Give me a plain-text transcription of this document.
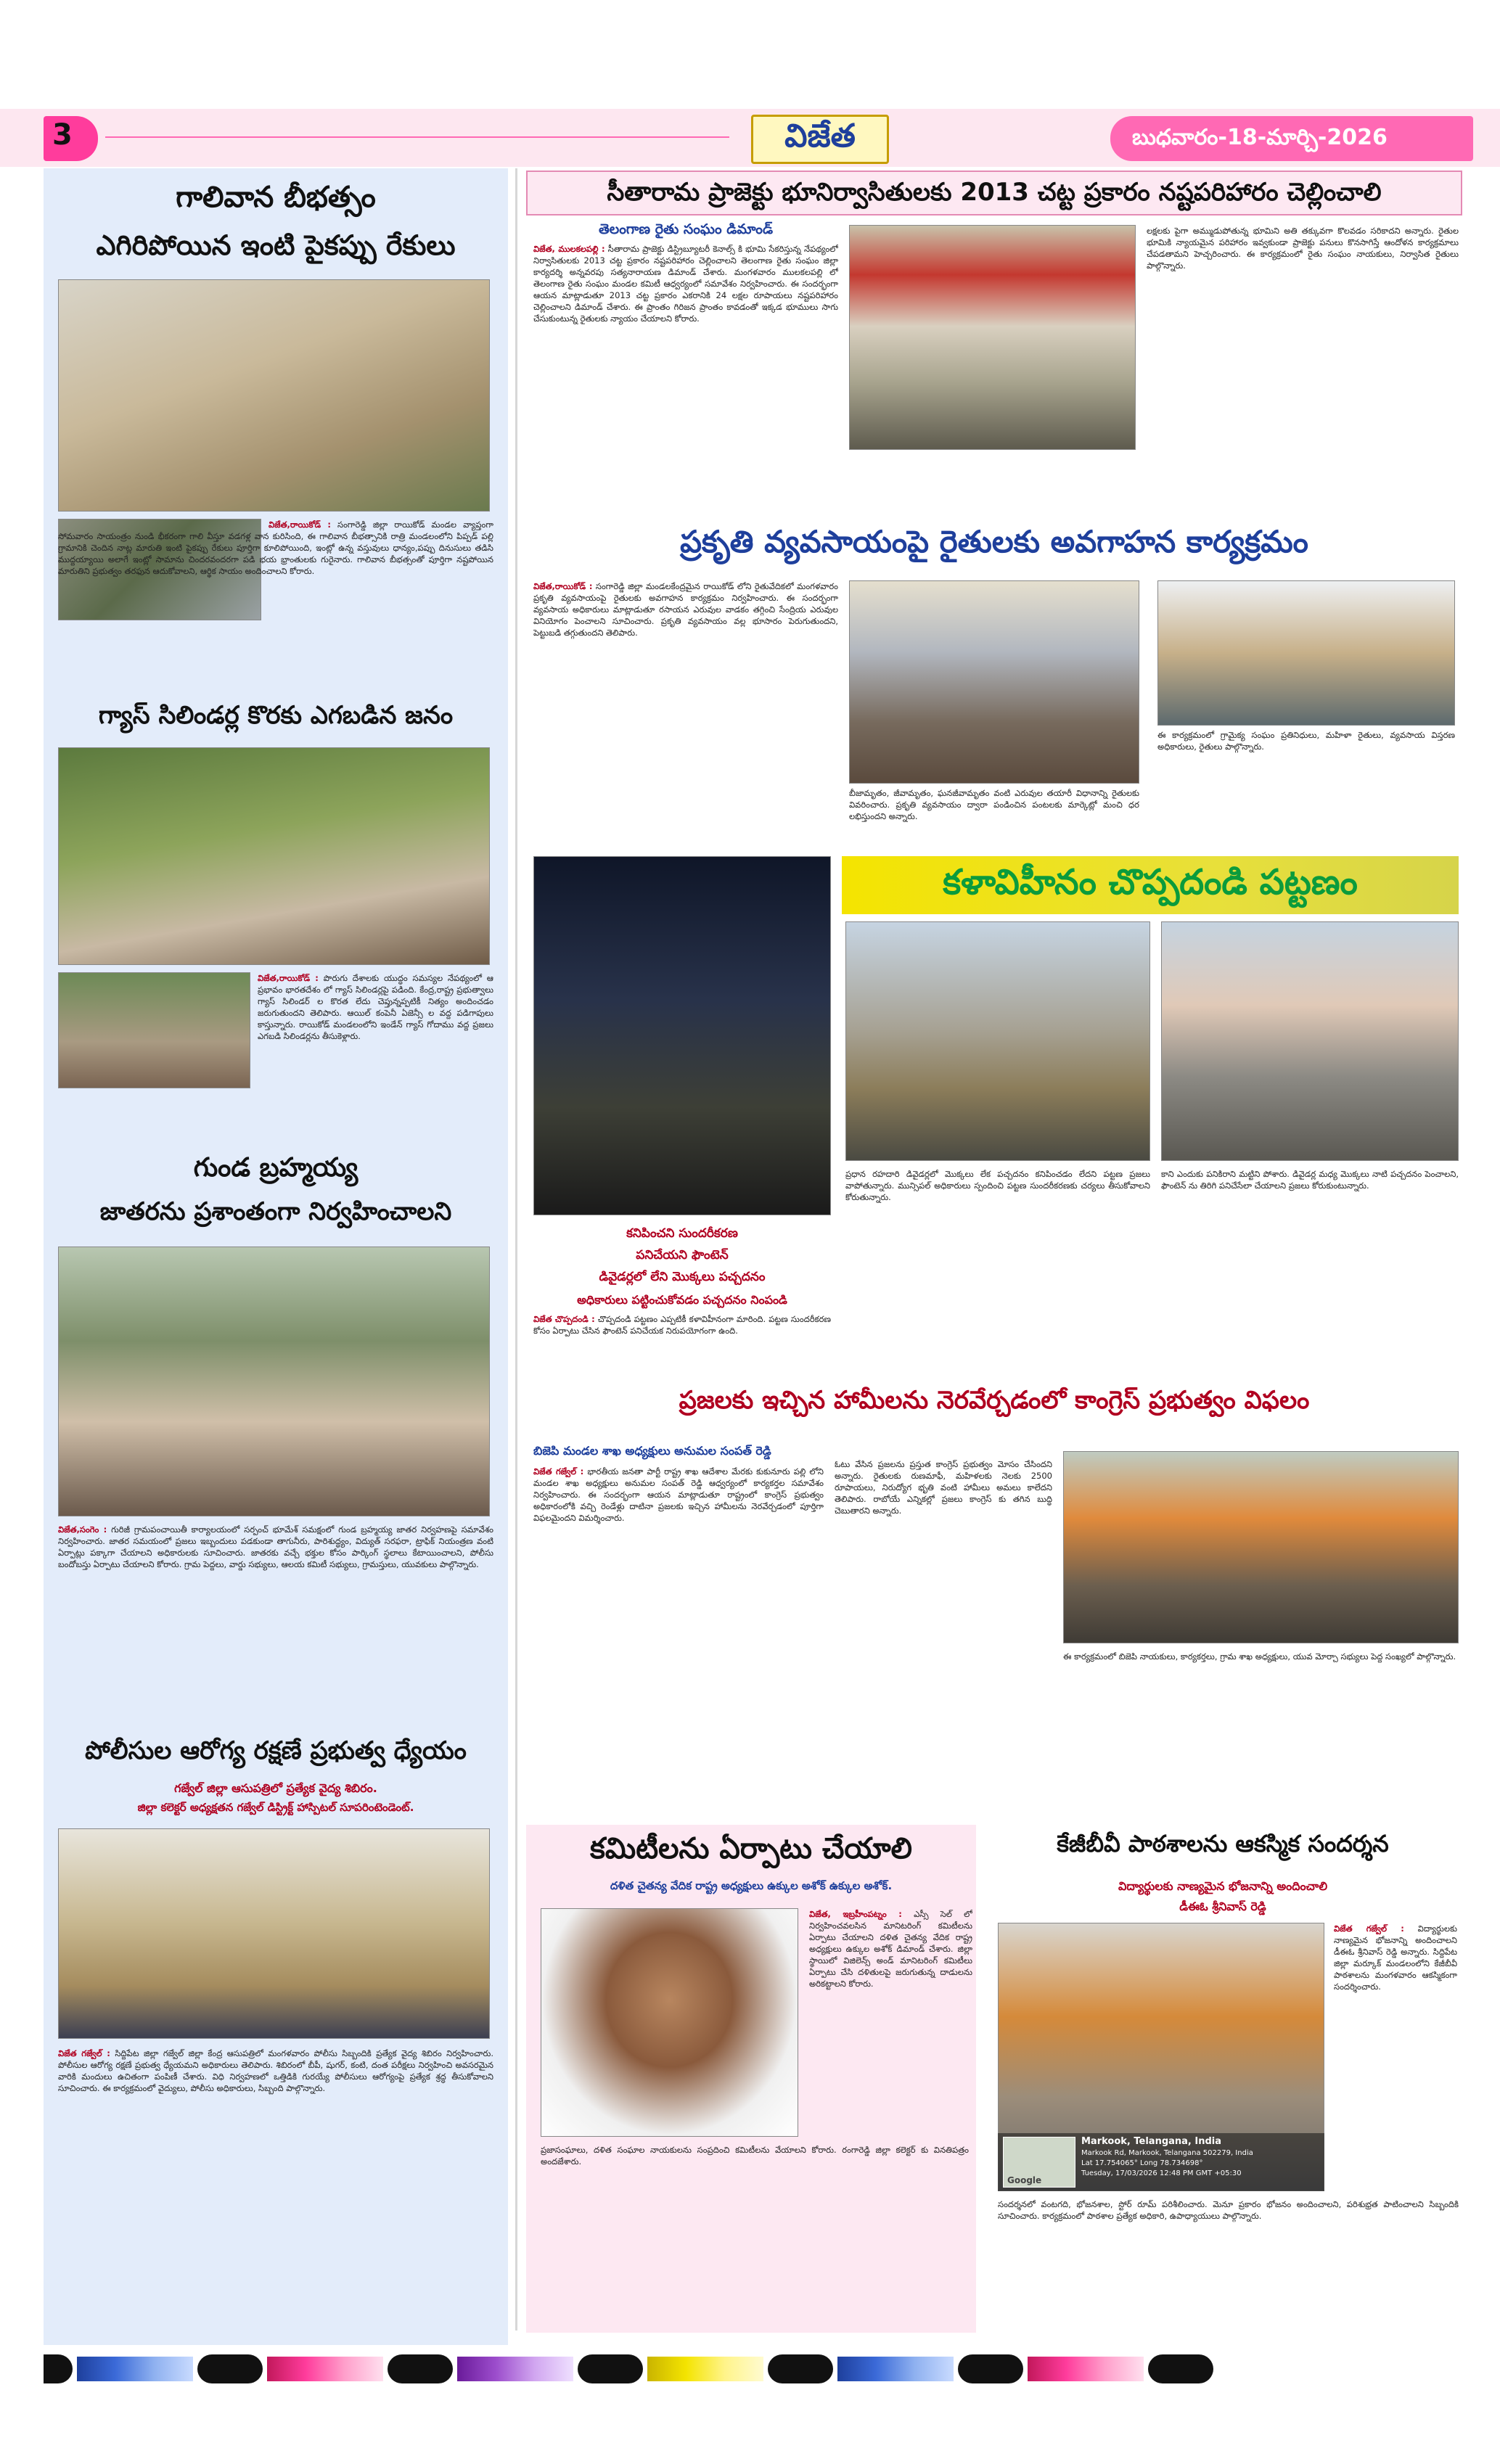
3	విజేత	బుధవారం-18-మార్చి-2026
గాలివాన బీభత్సం
ఎగిరిపోయిన ఇంటి పైకప్పు రేకులు
విజేత,రాయికోడ్ : సంగారెడ్డి జిల్లా రాయికోడ్ మండల వ్యాప్తంగా సోమవారం సాయంత్రం నుండి భీకరంగా గాలి వీస్తూ వడగళ్ల వాన కురిసింది, ఈ గాలివాన బీభత్సానికి రాత్రి మండలంలోని పిప్పడ్ పల్లి గ్రామానికి చెందిన నాట్ల మారుతి ఇంటి పైకప్పు రేకులు పూర్తిగా కూలిపోయింది, ఇంట్లో ఉన్న వస్తువులు ధాన్యం,పప్పు దినుసులు తడిసి ముద్దయ్యాయి అలాగే ఇంట్లో సామాను చిందరవందరగా పడి భయ భ్రాంతులకు గురైనారు. గాలివాన బీభత్సంతో పూర్తిగా నష్టపోయిన మారుతిని ప్రభుత్వం తరఫున ఆదుకోవాలని, ఆర్థిక సాయం అందించాలని కోరారు.
గ్యాస్ సిలిండర్ల కొరకు ఎగబడిన జనం
విజేత,రాయికోడ్ : పొరుగు దేశాలకు యుద్ధం సమస్యల నేపథ్యంలో ఆ ప్రభావం భారతదేశం లో గ్యాస్ సిలిండర్లపై పడింది. కేంద్ర,రాష్ట్ర ప్రభుత్వాలు గ్యాస్ సిలిండర్ ల కొరత లేదు చెప్తున్నప్పటికీ నిత్యం అందించడం జరుగుతుందని తెలిపారు. ఆయిల్ కంపెనీ ఏజెన్సీ ల వద్ద పడిగాపులు కాస్తున్నారు. రాయికోడ్ మండలంలోని ఇండేన్ గ్యాస్ గోదాము వద్ద ప్రజలు ఎగబడి సిలిండర్లను తీసుకెళ్లారు.
గుండ బ్రహ్మయ్య
జాతరను ప్రశాంతంగా నిర్వహించాలని
విజేత,సంగెం : గురిజీ గ్రామపంచాయితీ కార్యాలయంలో సర్పంచ్ భూమేశ్ సమక్షంలో గుండ బ్రహ్మయ్య జాతర నిర్వహణపై సమావేశం నిర్వహించారు. జాతర సమయంలో ప్రజలు ఇబ్బందులు పడకుండా తాగునీరు, పారిశుద్ధ్యం, విద్యుత్ సరఫరా, ట్రాఫిక్ నియంత్రణ వంటి ఏర్పాట్లు పక్కాగా చేయాలని అధికారులకు సూచించారు. జాతరకు వచ్చే భక్తుల కోసం పార్కింగ్ స్థలాలు కేటాయించాలని, పోలీసు బందోబస్తు ఏర్పాటు చేయాలని కోరారు. గ్రామ పెద్దలు, వార్డు సభ్యులు, ఆలయ కమిటీ సభ్యులు, గ్రామస్తులు, యువకులు పాల్గొన్నారు.
పోలీసుల ఆరోగ్య రక్షణే ప్రభుత్వ ధ్యేయం
గజ్వేల్ జిల్లా ఆసుపత్రిలో ప్రత్యేక వైద్య శిబిరం.
జిల్లా కలెక్టర్ అధ్యక్షతన గజ్వేల్ డిస్ట్రిక్ట్ హాస్పిటల్ సూపరింటెండెంట్.
విజేత గజ్వేల్ : సిద్దిపేట జిల్లా గజ్వేల్ జిల్లా కేంద్ర ఆసుపత్రిలో మంగళవారం పోలీసు సిబ్బందికి ప్రత్యేక వైద్య శిబిరం నిర్వహించారు. పోలీసుల ఆరోగ్య రక్షణే ప్రభుత్వ ధ్యేయమని అధికారులు తెలిపారు. శిబిరంలో బీపీ, షుగర్, కంటి, దంత పరీక్షలు నిర్వహించి అవసరమైన వారికి మందులు ఉచితంగా పంపిణీ చేశారు. విధి నిర్వహణలో ఒత్తిడికి గురయ్యే పోలీసులు ఆరోగ్యంపై ప్రత్యేక శ్రద్ధ తీసుకోవాలని సూచించారు. ఈ కార్యక్రమంలో వైద్యులు, పోలీసు అధికారులు, సిబ్బంది పాల్గొన్నారు.
సీతారామ ప్రాజెక్టు భూనిర్వాసితులకు 2013 చట్ట ప్రకారం నష్టపరిహారం చెల్లించాలి
తెలంగాణ రైతు సంఘం డిమాండ్
విజేత, ములకలపల్లి : సీతారామ ప్రాజెక్టు డిస్ట్రిబ్యూటరీ కెనాల్స్ కి భూమి సేకరిస్తున్న నేపథ్యంలో నిర్వాసితులకు 2013 చట్ట ప్రకారం నష్టపరిహారం చెల్లించాలని తెలంగాణ రైతు సంఘం జిల్లా కార్యదర్శి అన్నవరపు సత్యనారాయణ డిమాండ్ చేశారు. మంగళవారం ములకలపల్లి లో తెలంగాణ రైతు సంఘం మండల కమిటీ ఆధ్వర్యంలో సమావేశం నిర్వహించారు. ఈ సందర్భంగా ఆయన మాట్లాడుతూ 2013 చట్ట ప్రకారం ఎకరానికి 24 లక్షల రూపాయలు నష్టపరిహారం చెల్లించాలని డిమాండ్ చేశారు. ఈ ప్రాంతం గిరిజన ప్రాంతం కావడంతో ఇక్కడ భూములు సాగు చేసుకుంటున్న రైతులకు న్యాయం చేయాలని కోరారు.
లక్షలకు పైగా అమ్ముడుపోతున్న భూమిని అతి తక్కువగా కొలవడం సరికాదని అన్నారు. రైతుల భూమికి న్యాయమైన పరిహారం ఇవ్వకుండా ప్రాజెక్టు పనులు కొనసాగిస్తే ఆందోళన కార్యక్రమాలు చేపడతామని హెచ్చరించారు. ఈ కార్యక్రమంలో రైతు సంఘం నాయకులు, నిర్వాసిత రైతులు పాల్గొన్నారు.
ప్రకృతి వ్యవసాయంపై రైతులకు అవగాహన కార్యక్రమం
విజేత,రాయికోడ్ : సంగారెడ్డి జిల్లా మండలకేంద్రమైన రాయికోడ్ లోని రైతువేదికలో మంగళవారం ప్రకృతి వ్యవసాయంపై రైతులకు అవగాహన కార్యక్రమం నిర్వహించారు. ఈ సందర్భంగా వ్యవసాయ అధికారులు మాట్లాడుతూ రసాయన ఎరువుల వాడకం తగ్గించి సేంద్రియ ఎరువుల వినియోగం పెంచాలని సూచించారు. ప్రకృతి వ్యవసాయం వల్ల భూసారం పెరుగుతుందని, పెట్టుబడి తగ్గుతుందని తెలిపారు.
బీజామృతం, జీవామృతం, ఘనజీవామృతం వంటి ఎరువుల తయారీ విధానాన్ని రైతులకు వివరించారు. ప్రకృతి వ్యవసాయం ద్వారా పండించిన పంటలకు మార్కెట్లో మంచి ధర లభిస్తుందని అన్నారు.
ఈ కార్యక్రమంలో గ్రామైక్య సంఘం ప్రతినిధులు, మహిళా రైతులు, వ్యవసాయ విస్తరణ అధికారులు, రైతులు పాల్గొన్నారు.
కళావిహీనం చొప్పదండి పట్టణం
కనిపించని సుందరీకరణ
పనిచేయని ఫౌంటెన్
డివైడర్లలో లేని మొక్కలు పచ్చదనం
అధికారులు పట్టించుకోవడం పచ్చదనం నింపండి
విజేత చొప్పదండి : చొప్పదండి పట్టణం ఎప్పటికీ కళావిహీనంగా మారింది. పట్టణ సుందరీకరణ కోసం ఏర్పాటు చేసిన ఫౌంటెన్ పనిచేయక నిరుపయోగంగా ఉంది.
ప్రధాన రహదారి డివైడర్లలో మొక్కలు లేక పచ్చదనం కనిపించడం లేదని పట్టణ ప్రజలు వాపోతున్నారు. మున్సిపల్ అధికారులు స్పందించి పట్టణ సుందరీకరణకు చర్యలు తీసుకోవాలని కోరుతున్నారు.
కాని ఎందుకు పనికిరాని మట్టిని పోశారు. డివైడర్ల మధ్య మొక్కలు నాటి పచ్చదనం పెంచాలని, ఫౌంటెన్ ను తిరిగి పనిచేసేలా చేయాలని ప్రజలు కోరుకుంటున్నారు.
ప్రజలకు ఇచ్చిన హామీలను నెరవేర్చడంలో కాంగ్రెస్ ప్రభుత్వం విఫలం
బిజెపి మండల శాఖ అధ్యక్షులు అనుమల సంపత్ రెడ్డి
విజేత గజ్వేల్ : భారతీయ జనతా పార్టీ రాష్ట్ర శాఖ ఆదేశాల మేరకు కుకునూరు పల్లి లోని మండల శాఖ అధ్యక్షులు అనుమల సంపత్ రెడ్డి ఆధ్వర్యంలో కార్యకర్తల సమావేశం నిర్వహించారు. ఈ సందర్భంగా ఆయన మాట్లాడుతూ రాష్ట్రంలో కాంగ్రెస్ ప్రభుత్వం అధికారంలోకి వచ్చి రెండేళ్లు దాటినా ప్రజలకు ఇచ్చిన హామీలను నెరవేర్చడంలో పూర్తిగా విఫలమైందని విమర్శించారు.
ఓటు వేసిన ప్రజలను ప్రస్తుత కాంగ్రెస్ ప్రభుత్వం మోసం చేసిందని అన్నారు. రైతులకు రుణమాఫీ, మహిళలకు నెలకు 2500 రూపాయలు, నిరుద్యోగ భృతి వంటి హామీలు అమలు కాలేదని తెలిపారు. రాబోయే ఎన్నికల్లో ప్రజలు కాంగ్రెస్ కు తగిన బుద్ధి చెబుతారని అన్నారు.
ఈ కార్యక్రమంలో బిజెపి నాయకులు, కార్యకర్తలు, గ్రామ శాఖ అధ్యక్షులు, యువ మోర్చా సభ్యులు పెద్ద సంఖ్యలో పాల్గొన్నారు.
కమిటీలను ఏర్పాటు చేయాలి
దళిత చైతన్య వేదిక రాష్ట్ర అధ్యక్షులు ఉక్కుల అశోక్ ఉక్కుల అశోక్.
విజేత, ఇబ్రహీంపట్నం : ఎస్సీ సెల్ లో నిర్వహించవలసిన మానిటరింగ్ కమిటీలను ఏర్పాటు చేయాలని దళిత చైతన్య వేదిక రాష్ట్ర అధ్యక్షులు ఉక్కుల అశోక్ డిమాండ్ చేశారు. జిల్లా స్థాయిలో విజిలెన్స్ అండ్ మానిటరింగ్ కమిటీలు ఏర్పాటు చేసి దళితులపై జరుగుతున్న దాడులను అరికట్టాలని కోరారు.
ప్రజాసంఘాలు, దళిత సంఘాల నాయకులను సంప్రదించి కమిటీలను వేయాలని కోరారు. రంగారెడ్డి జిల్లా కలెక్టర్ కు వినతిపత్రం అందజేశారు.
కేజీబీవీ పాఠశాలను ఆకస్మిక సందర్శన
విద్యార్థులకు నాణ్యమైన భోజనాన్ని అందించాలి
డీఈఓ శ్రీనివాస్ రెడ్డి
Markook, Telangana, India
Markook Rd, Markook, Telangana 502279, India
Lat 17.754065° Long 78.734698°
Tuesday, 17/03/2026 12:48 PM GMT +05:30
Google
విజేత గజ్వేల్ : విద్యార్థులకు నాణ్యమైన భోజనాన్ని అందించాలని డీఈఓ శ్రీనివాస్ రెడ్డి అన్నారు. సిద్దిపేట జిల్లా మర్కూక్ మండలంలోని కేజీబీవీ పాఠశాలను మంగళవారం ఆకస్మికంగా సందర్శించారు.
సందర్శనలో వంటగది, భోజనశాల, స్టోర్ రూమ్ పరిశీలించారు. మెనూ ప్రకారం భోజనం అందించాలని, పరిశుభ్రత పాటించాలని సిబ్బందికి సూచించారు. కార్యక్రమంలో పాఠశాల ప్రత్యేక అధికారి, ఉపాధ్యాయులు పాల్గొన్నారు.
